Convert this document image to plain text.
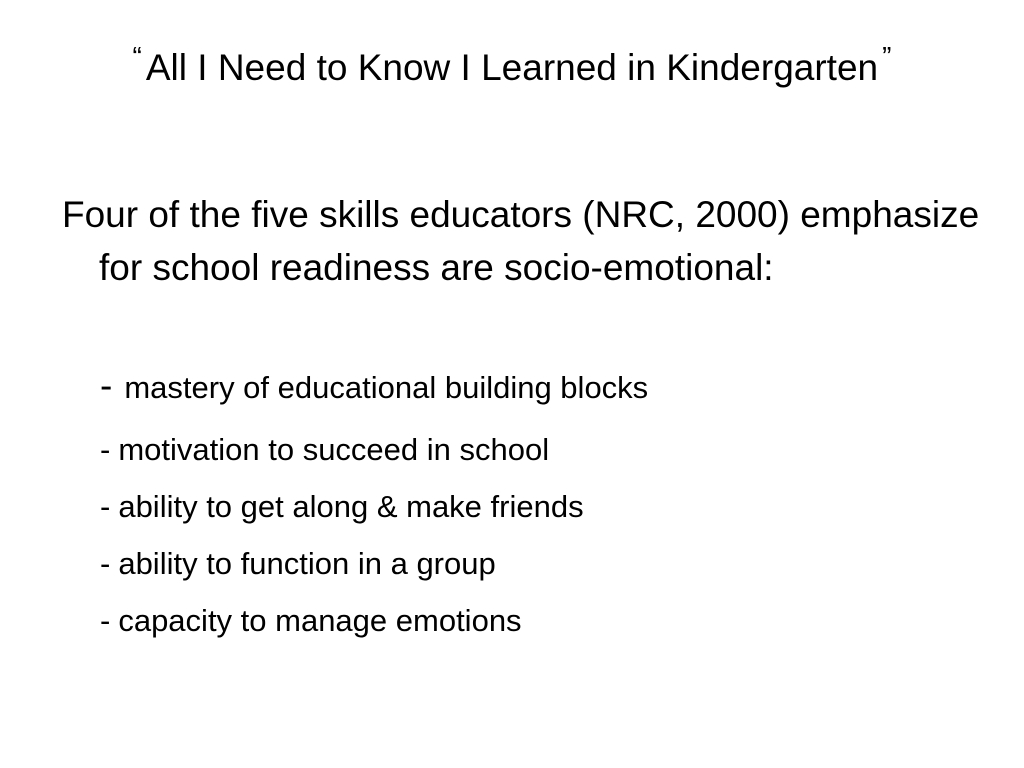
“ All I Need to Know I Learned in Kindergarten ”
Four of the five skills educators (NRC, 2000) emphasize for school readiness are socio-emotional:
- mastery of educational building blocks
- motivation to succeed in school
- ability to get along & make friends
- ability to function in a group
- capacity to manage emotions
